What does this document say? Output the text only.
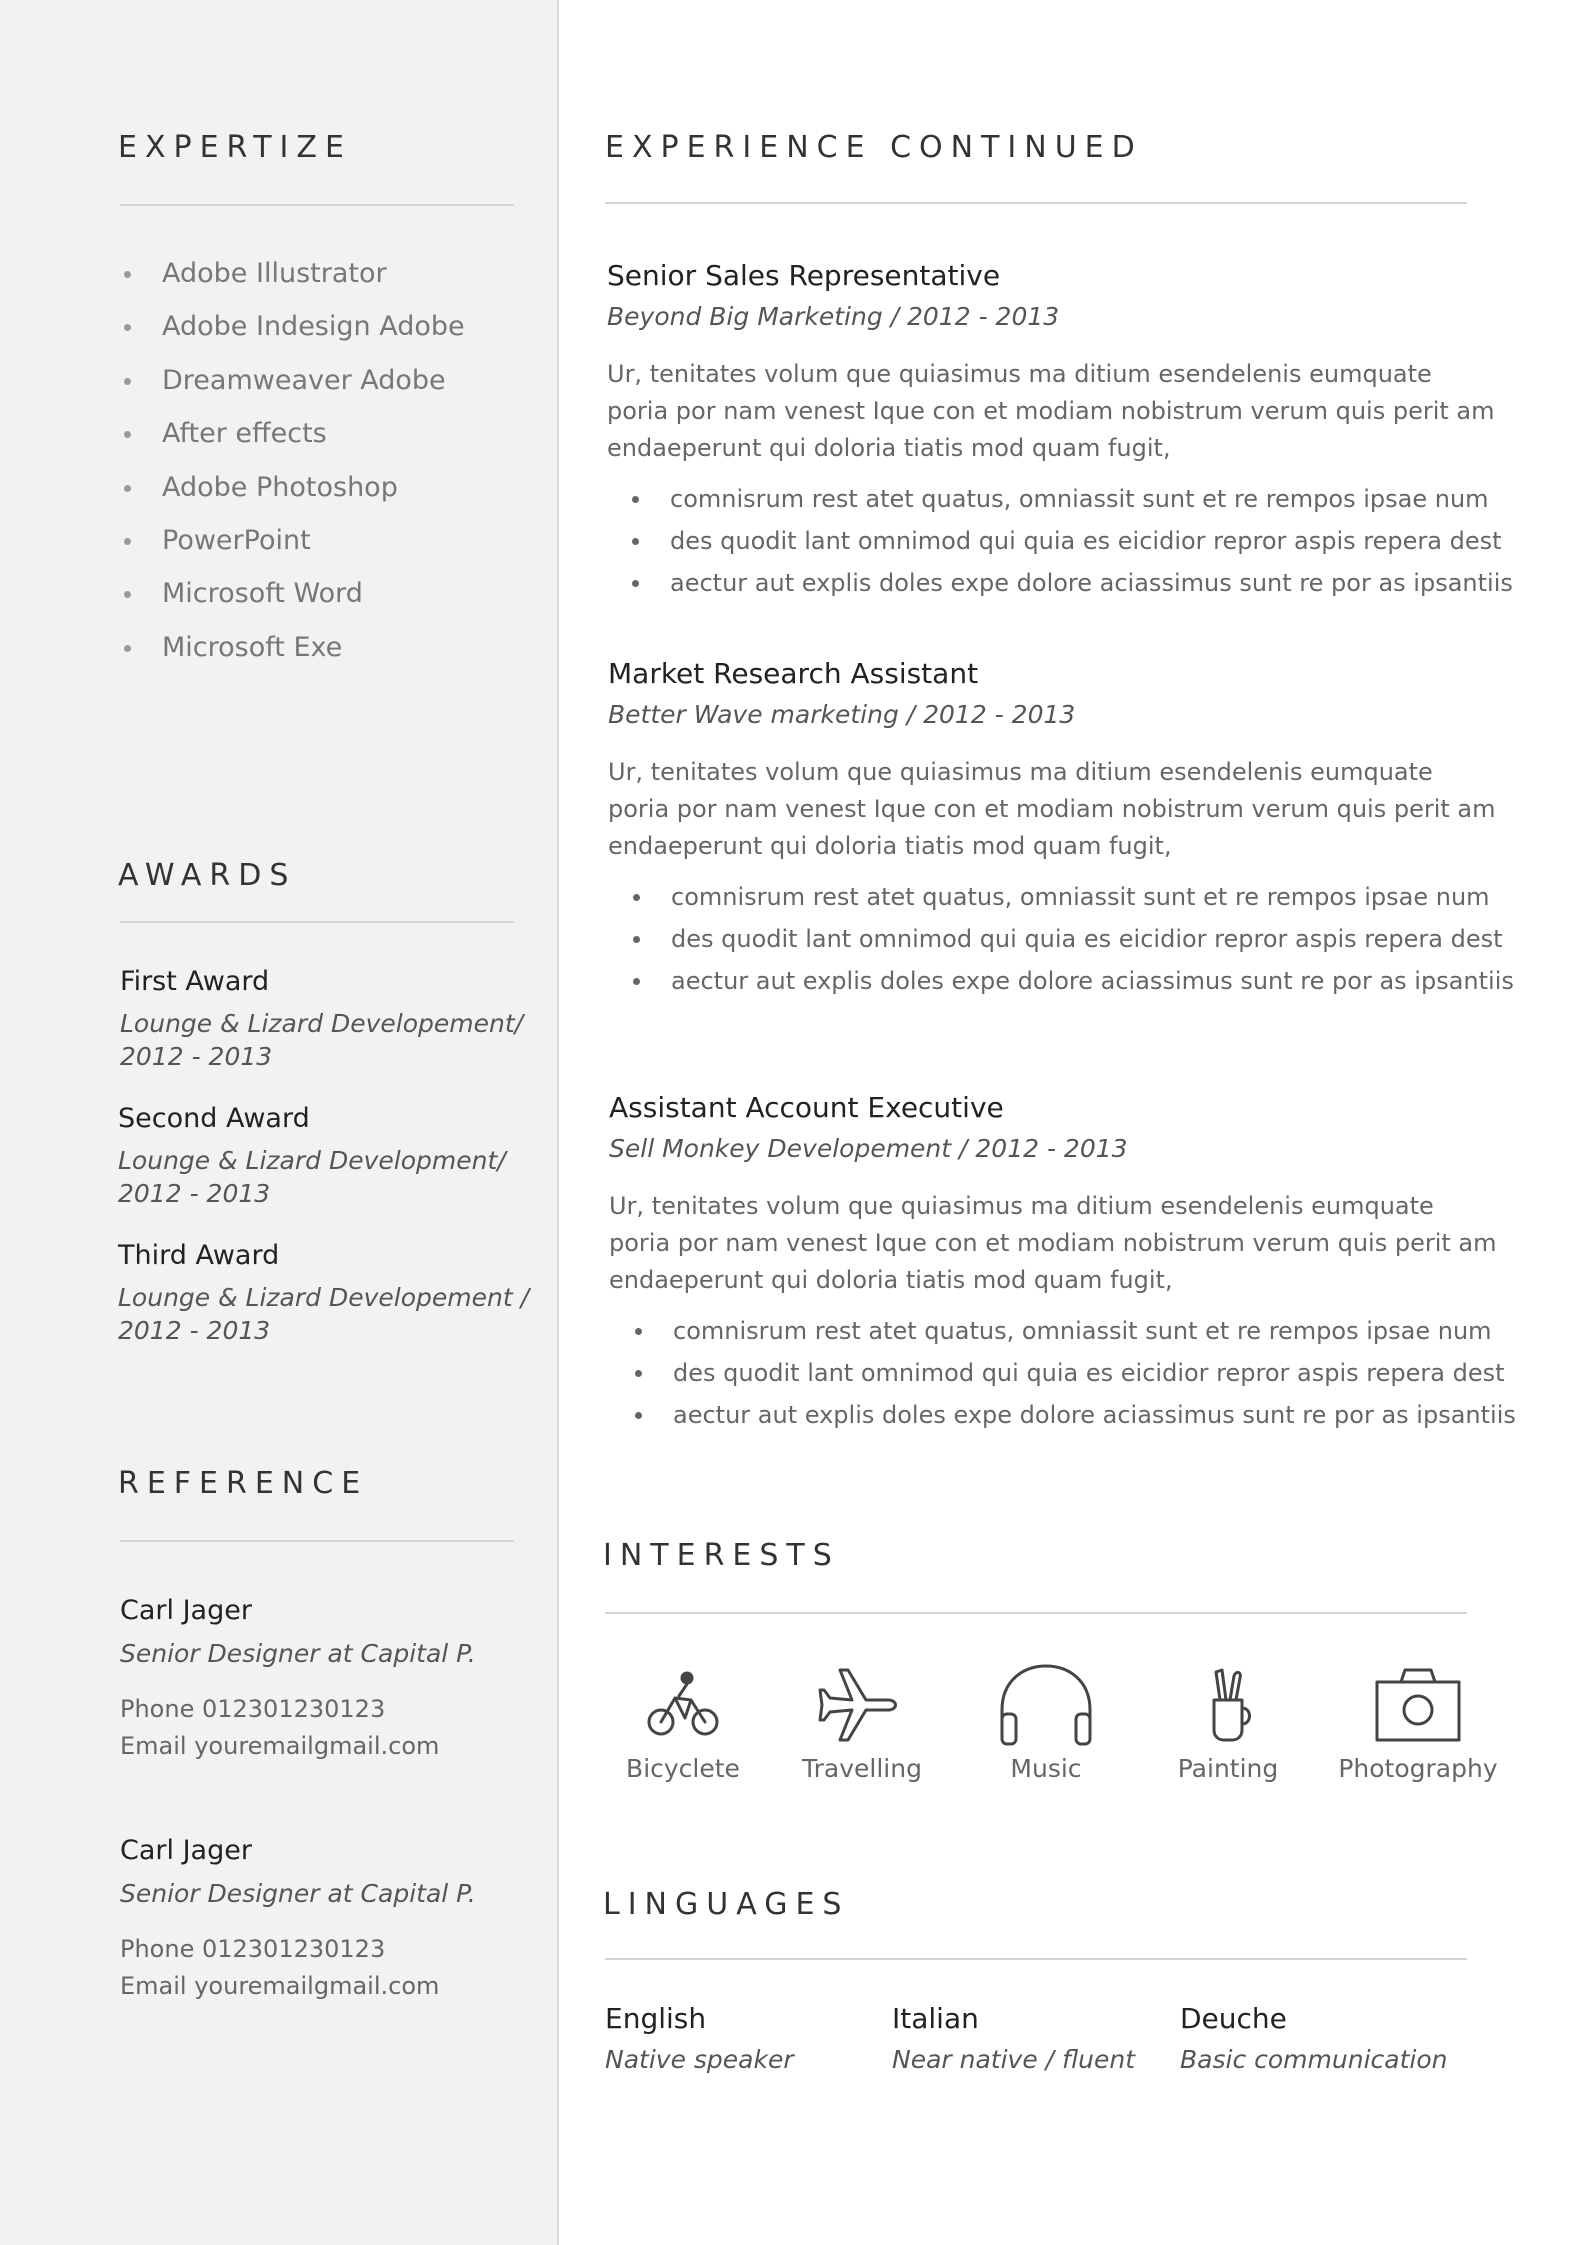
EXPERTIZE
Adobe Illustrator
Adobe Indesign Adobe
Dreamweaver Adobe
After effects
Adobe Photoshop
PowerPoint
Microsoft Word
Microsoft Exe
AWARDS
First Award
Lounge & Lizard Developement/
2012 - 2013
Second Award
Lounge & Lizard Development/
2012 - 2013
Third Award
Lounge & Lizard Developement /
2012 - 2013
REFERENCE
Carl Jager
Senior Designer at Capital P.
Phone 012301230123
Email youremailgmail.com
Carl Jager
Senior Designer at Capital P.
Phone 012301230123
Email youremailgmail.com
EXPERIENCE CONTINUED
Senior Sales Representative
Beyond Big Marketing / 2012 - 2013

Ur, tenitates volum que quiasimus ma ditium esendelenis eumquate poria por nam venest Ique con et modiam nobistrum verum quis perit am endaeperunt qui doloria tiatis mod quam fugit,

comnisrum rest atet quatus, omniassit sunt et re rempos ipsae num
des quodit lant omnimod qui quia es eicidior repror aspis repera dest
aectur aut explis doles expe dolore aciassimus sunt re por as ipsantiis
Market Research Assistant
Better Wave marketing / 2012 - 2013

Ur, tenitates volum que quiasimus ma ditium esendelenis eumquate poria por nam venest Ique con et modiam nobistrum verum quis perit am endaeperunt qui doloria tiatis mod quam fugit,

comnisrum rest atet quatus, omniassit sunt et re rempos ipsae num
des quodit lant omnimod qui quia es eicidior repror aspis repera dest
aectur aut explis doles expe dolore aciassimus sunt re por as ipsantiis
Assistant Account Executive
Sell Monkey Developement / 2012 - 2013

Ur, tenitates volum que quiasimus ma ditium esendelenis eumquate poria por nam venest Ique con et modiam nobistrum verum quis perit am endaeperunt qui doloria tiatis mod quam fugit,

comnisrum rest atet quatus, omniassit sunt et re rempos ipsae num
des quodit lant omnimod qui quia es eicidior repror aspis repera dest
aectur aut explis doles expe dolore aciassimus sunt re por as ipsantiis
INTERESTS
Bicyclete	Travelling	Music	Painting	Photography
LINGUAGES
English
Native speaker
Italian
Near native / fluent
Deuche
Basic communication
